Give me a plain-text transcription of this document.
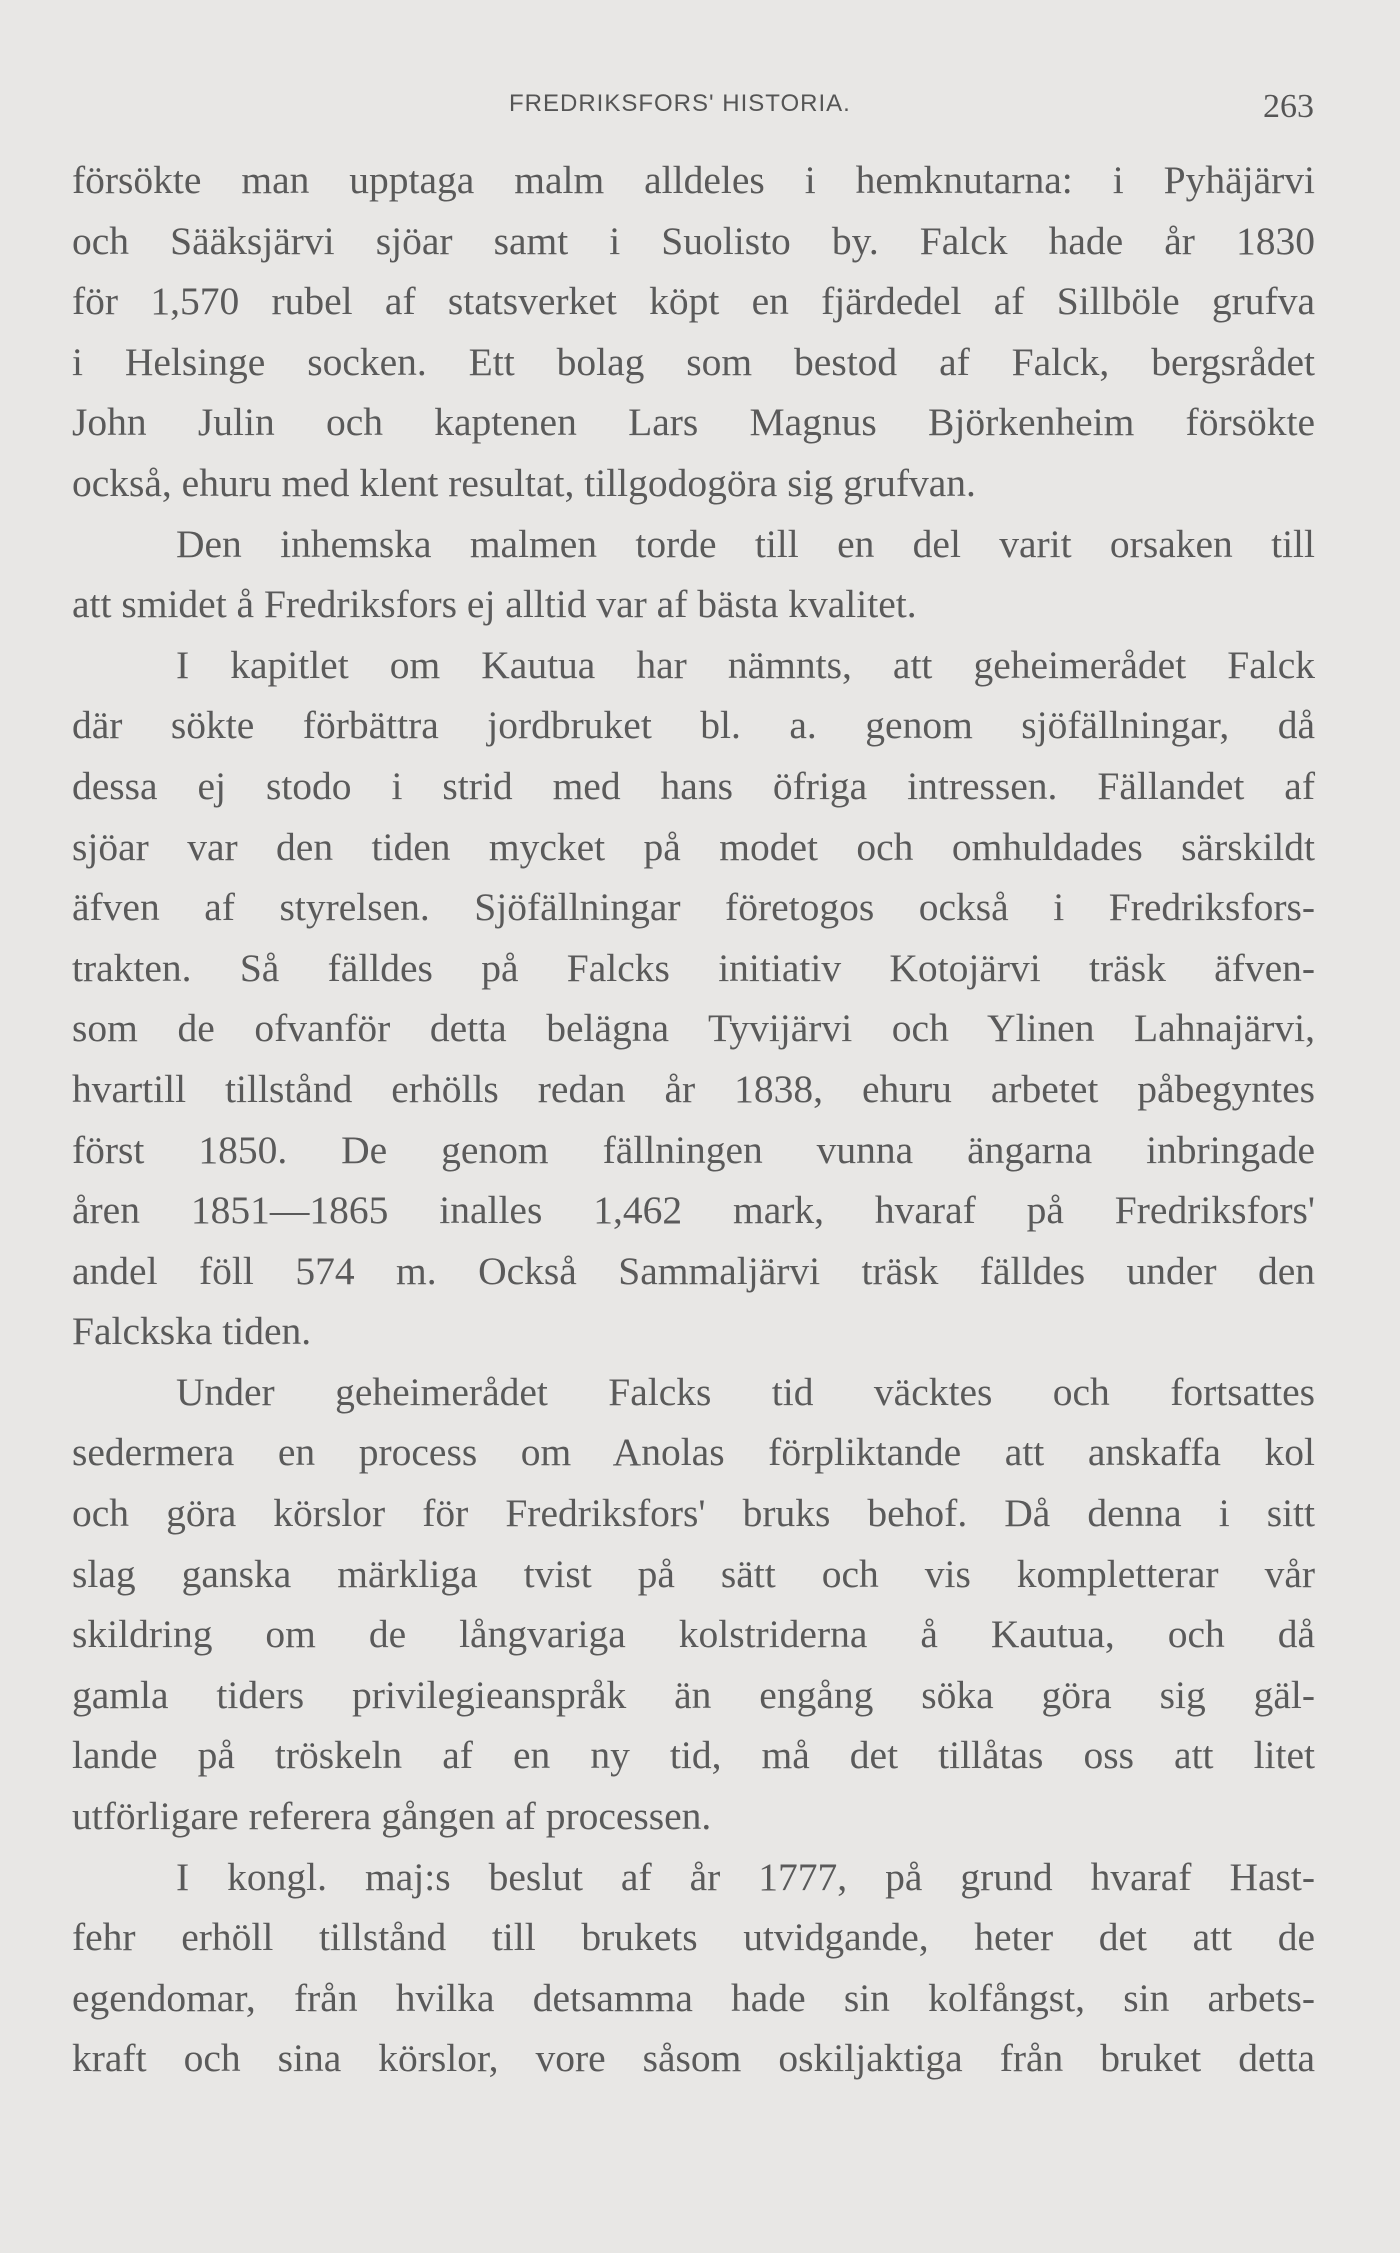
FREDRIKSFORS' HISTORIA.	263
försökte man upptaga malm alldeles i hemknutarna: i Pyhäjärvi
och Sääksjärvi sjöar samt i Suolisto by. Falck hade år 1830
för 1,570 rubel af statsverket köpt en fjärdedel af Sillböle grufva
i Helsinge socken. Ett bolag som bestod af Falck, bergsrådet
John Julin och kaptenen Lars Magnus Björkenheim försökte
också, ehuru med klent resultat, tillgodogöra sig grufvan.
Den inhemska malmen torde till en del varit orsaken till
att smidet å Fredriksfors ej alltid var af bästa kvalitet.
I kapitlet om Kautua har nämnts, att geheimerådet Falck
där sökte förbättra jordbruket bl. a. genom sjöfällningar, då
dessa ej stodo i strid med hans öfriga intressen. Fällandet af
sjöar var den tiden mycket på modet och omhuldades särskildt
äfven af styrelsen. Sjöfällningar företogos också i Fredriksfors-
trakten. Så fälldes på Falcks initiativ Kotojärvi träsk äfven-
som de ofvanför detta belägna Tyvijärvi och Ylinen Lahnajärvi,
hvartill tillstånd erhölls redan år 1838, ehuru arbetet påbegyntes
först 1850. De genom fällningen vunna ängarna inbringade
åren 1851—1865 inalles 1,462 mark, hvaraf på Fredriksfors'
andel föll 574 m. Också Sammaljärvi träsk fälldes under den
Falckska tiden.
Under geheimerådet Falcks tid väcktes och fortsattes
sedermera en process om Anolas förpliktande att anskaffa kol
och göra körslor för Fredriksfors' bruks behof. Då denna i sitt
slag ganska märkliga tvist på sätt och vis kompletterar vår
skildring om de långvariga kolstriderna å Kautua, och då
gamla tiders privilegieanspråk än engång söka göra sig gäl-
lande på tröskeln af en ny tid, må det tillåtas oss att litet
utförligare referera gången af processen.
I kongl. maj:s beslut af år 1777, på grund hvaraf Hast-
fehr erhöll tillstånd till brukets utvidgande, heter det att de
egendomar, från hvilka detsamma hade sin kolfångst, sin arbets-
kraft och sina körslor, vore såsom oskiljaktiga från bruket detta
